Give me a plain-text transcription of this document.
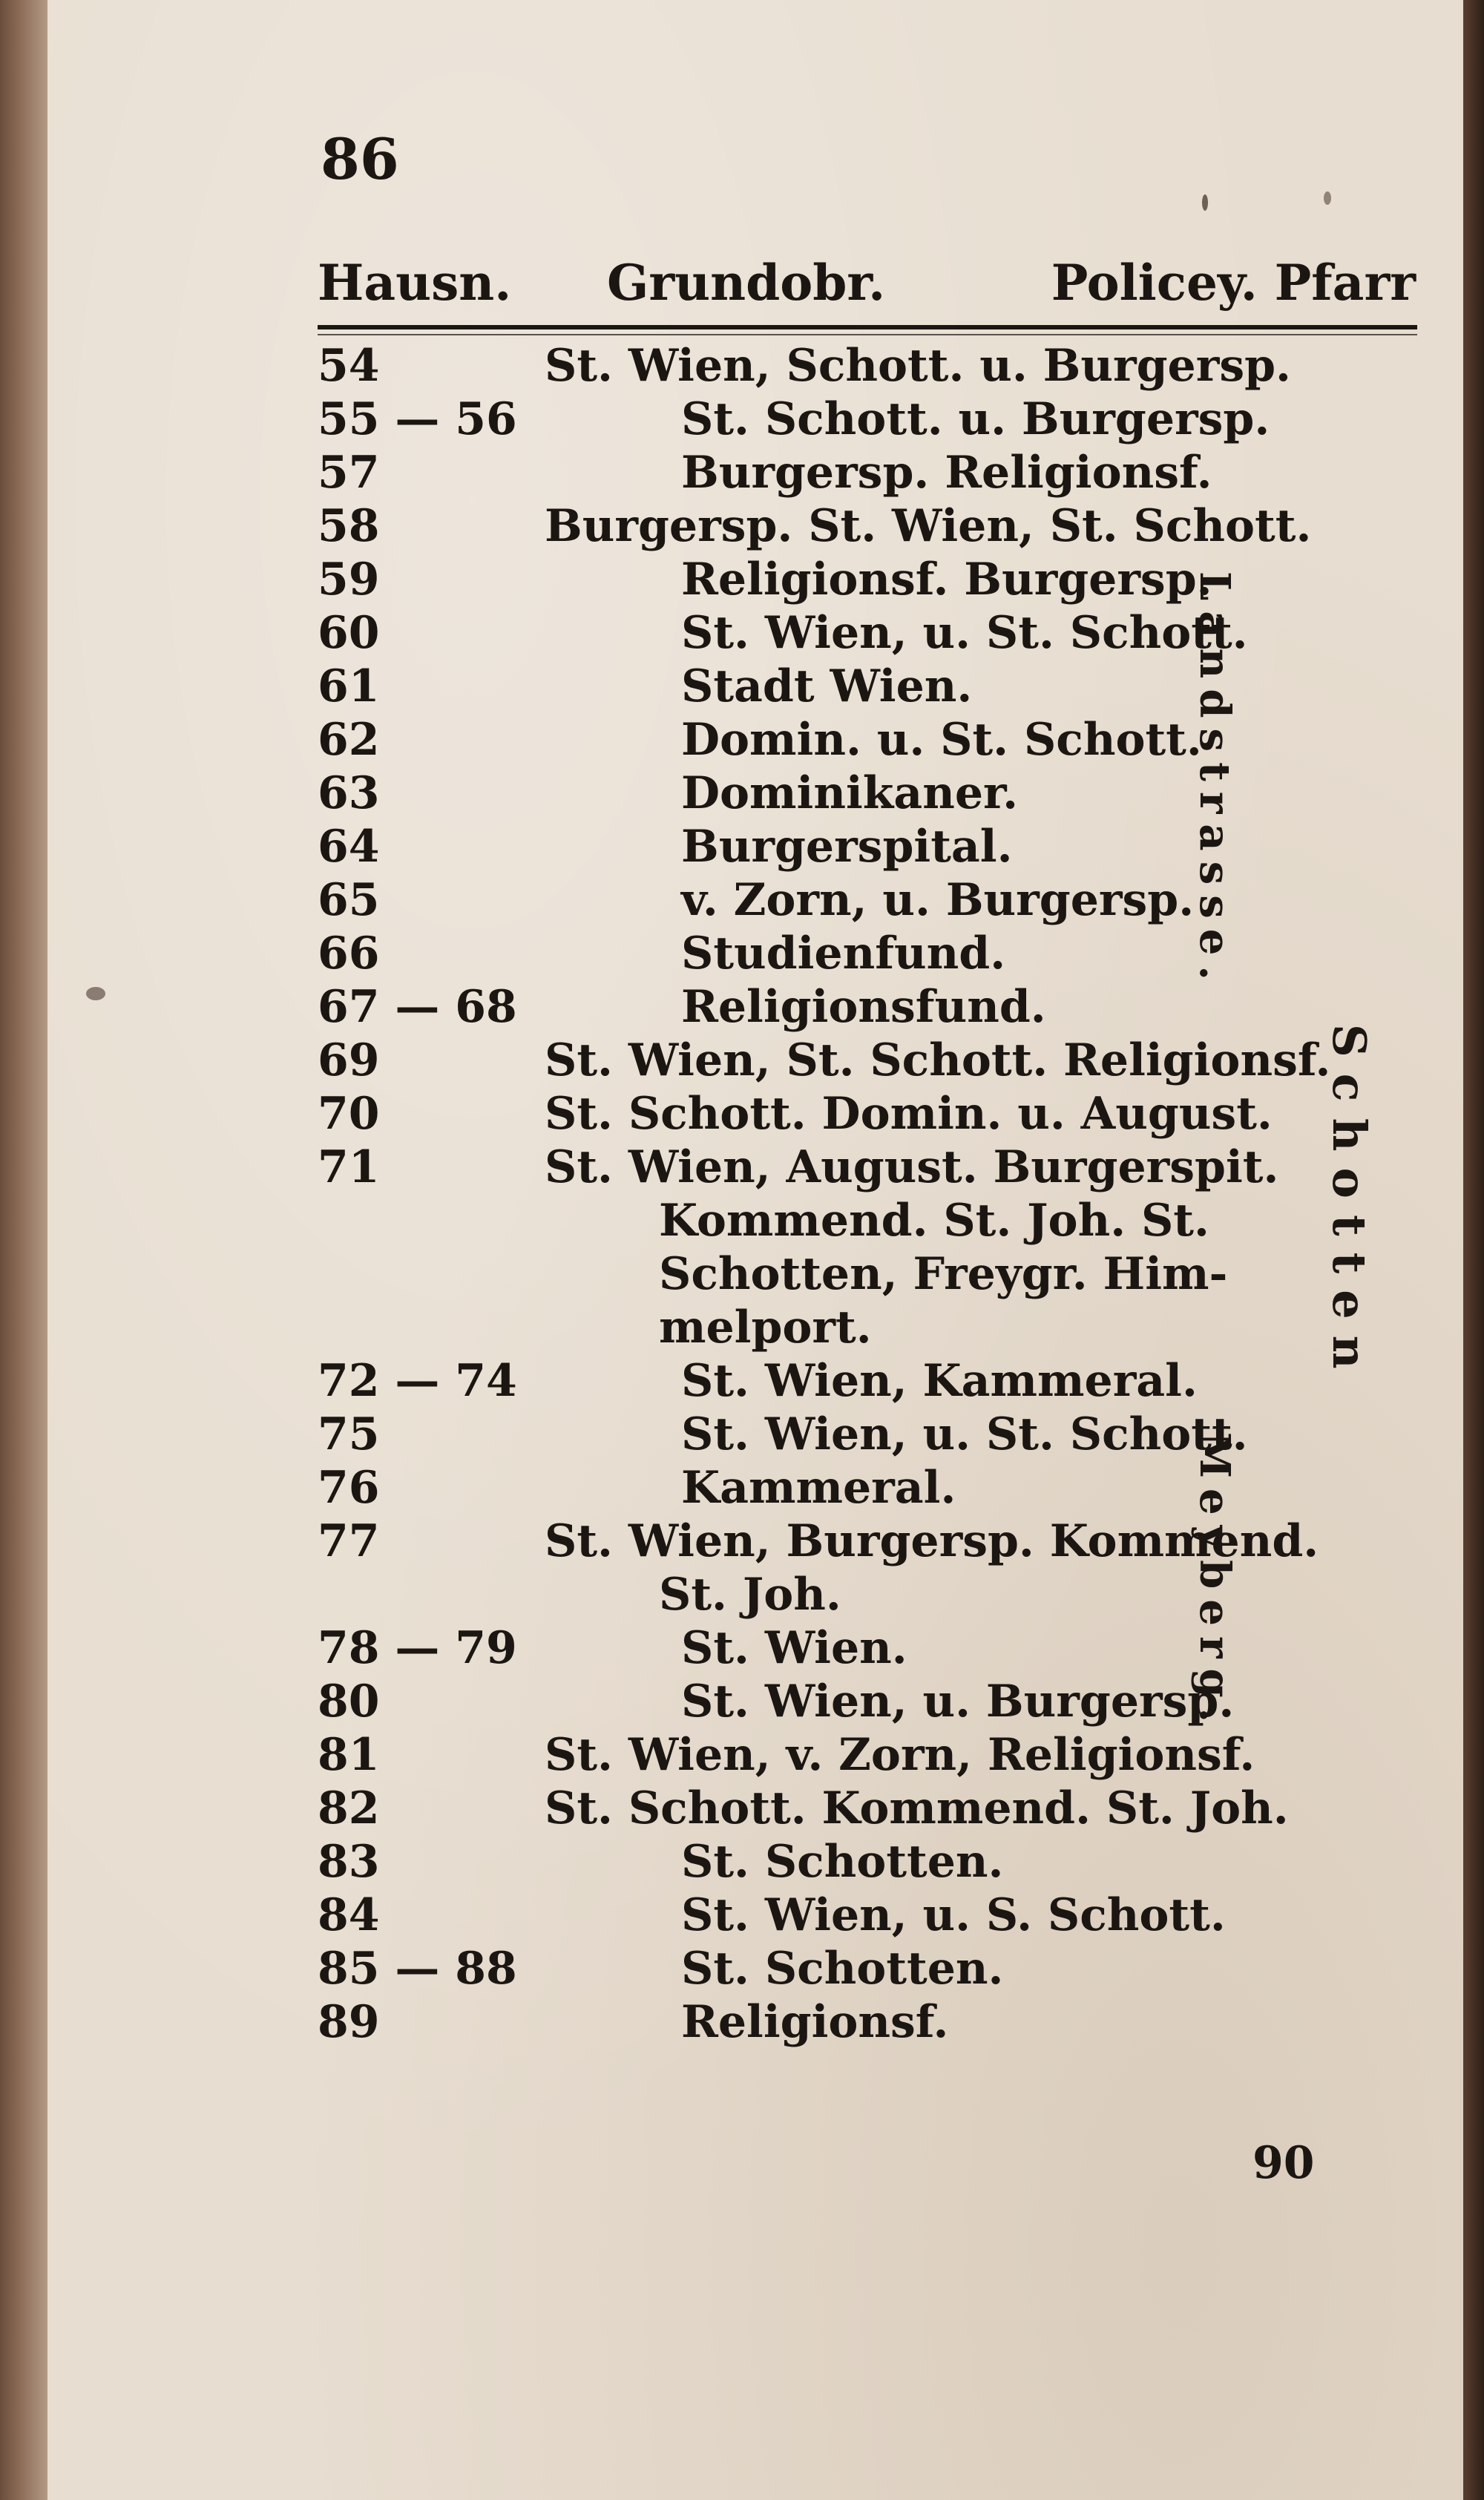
86
Hausn. Grundobr.	Policey. Pfarr
54	St. Wien, Schott. u. Burgersp.
55 — 56	St. Schott. u. Burgersp.
57	Burgersp. Religionsf.
58	Burgersp. St. Wien, St. Schott.
59	Religionsf. Burgersp.
60	St. Wien, u. St. Schott.
61	Stadt Wien.
62	Domin. u. St. Schott.
63	Dominikaner.
64	Burgerspital.
65	v. Zorn, u. Burgersp.
66	Studienfund.
67 — 68	Religionsfund.
69	St. Wien, St. Schott. Religionsf.
70	St. Schott. Domin. u. August.
71	St. Wien, August. Burgerspit.
Kommend. St. Joh. St.
Schotten, Freygr. Him-
melport.
72 — 74	St. Wien, Kammeral.
75	St. Wien, u. St. Schott.
76	Kammeral.
77	St. Wien, Burgersp. Kommend.
St. Joh.
78 — 79	St. Wien.
80	St. Wien, u. Burgersp.
81	St. Wien, v. Zorn, Religionsf.
82	St. Schott. Kommend. St. Joh.
83	St. Schotten.
84	St. Wien, u. S. Schott.
85 — 88	St. Schotten.
89	Religionsf.
Landstrasse.
Meyberg.
Schotten
90
